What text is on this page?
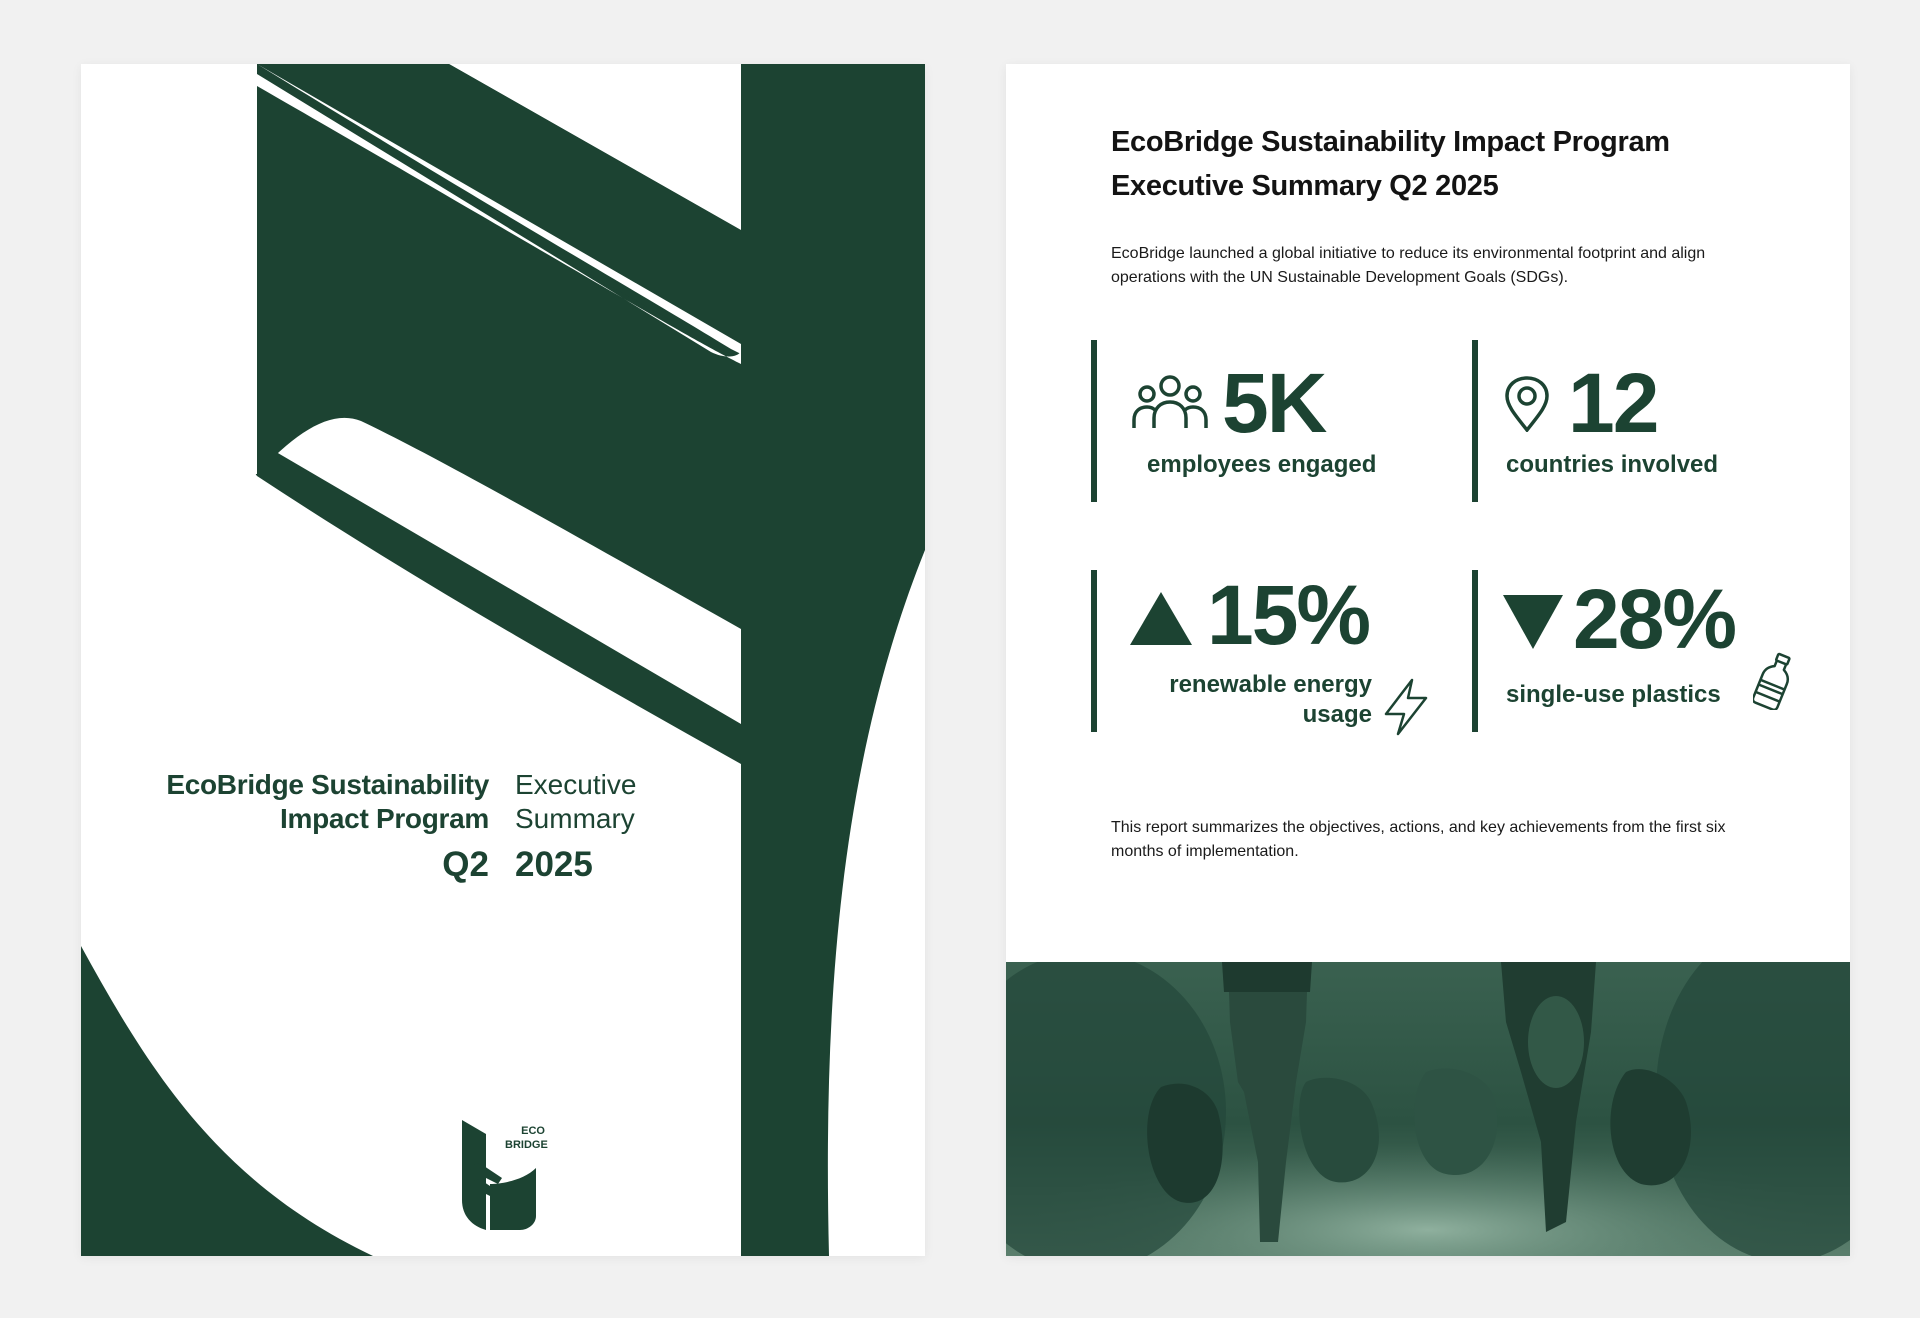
EcoBridge Sustainability
Impact Program
Q2

Executive
Summary

2025
ECO
BRIDGE
EcoBridge Sustainability Impact Program
Executive Summary Q2 2025

EcoBridge launched a global initiative to reduce its environmental footprint and align operations with the UN Sustainable Development Goals (SDGs).

5K

employees engaged

12

countries involved

15%

renewable energy
usage

28%

single-use plastics

This report summarizes the objectives, actions, and key achievements from the first six months of implementation.
